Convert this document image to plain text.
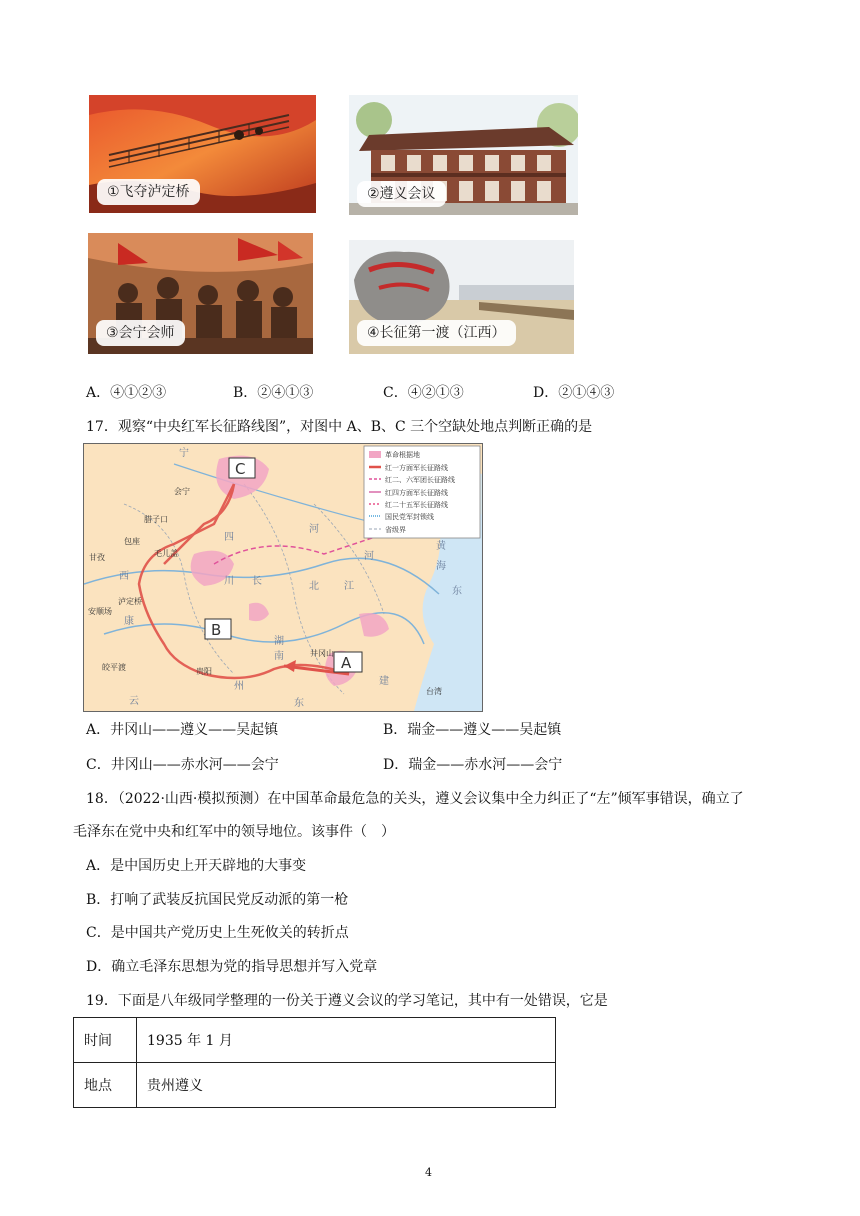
①飞夺泸定桥	②遵义会议
③会宁会师	④长征第一渡（江西）
A．④①②③	B．②④①③	C．④②①③	D．②①④③
17．观察“中央红军长征路线图”，对图中 A、B、C 三个空缺处地点判断正确的是
C
B
A
会宁
腊子口
包座
毛儿盖
甘孜
泸定桥
安顺场
皎平渡	贵阳
井冈山
台湾
宁
四
川 长	江
河
北
河
湖
南
云	东
建
州
康
西
黄
海
东
革命根据地
红一方面军长征路线
红二、六军团长征路线
红四方面军长征路线
红二十五军长征路线
国民党军封锁线
省级界
A．井冈山——遵义——吴起镇	B．瑞金——遵义——吴起镇
C．井冈山——赤水河——会宁	D．瑞金——赤水河——会宁
18．（2022·山西·模拟预测）在中国革命最危急的关头，遵义会议集中全力纠正了“左”倾军事错误，确立了
毛泽东在党中央和红军中的领导地位。该事件（　）
A．是中国历史上开天辟地的大事变
B．打响了武装反抗国民党反动派的第一枪
C．是中国共产党历史上生死攸关的转折点
D．确立毛泽东思想为党的指导思想并写入党章
19．下面是八年级同学整理的一份关于遵义会议的学习笔记，其中有一处错误，它是
时间	1935 年 1 月
地点	贵州遵义
4
